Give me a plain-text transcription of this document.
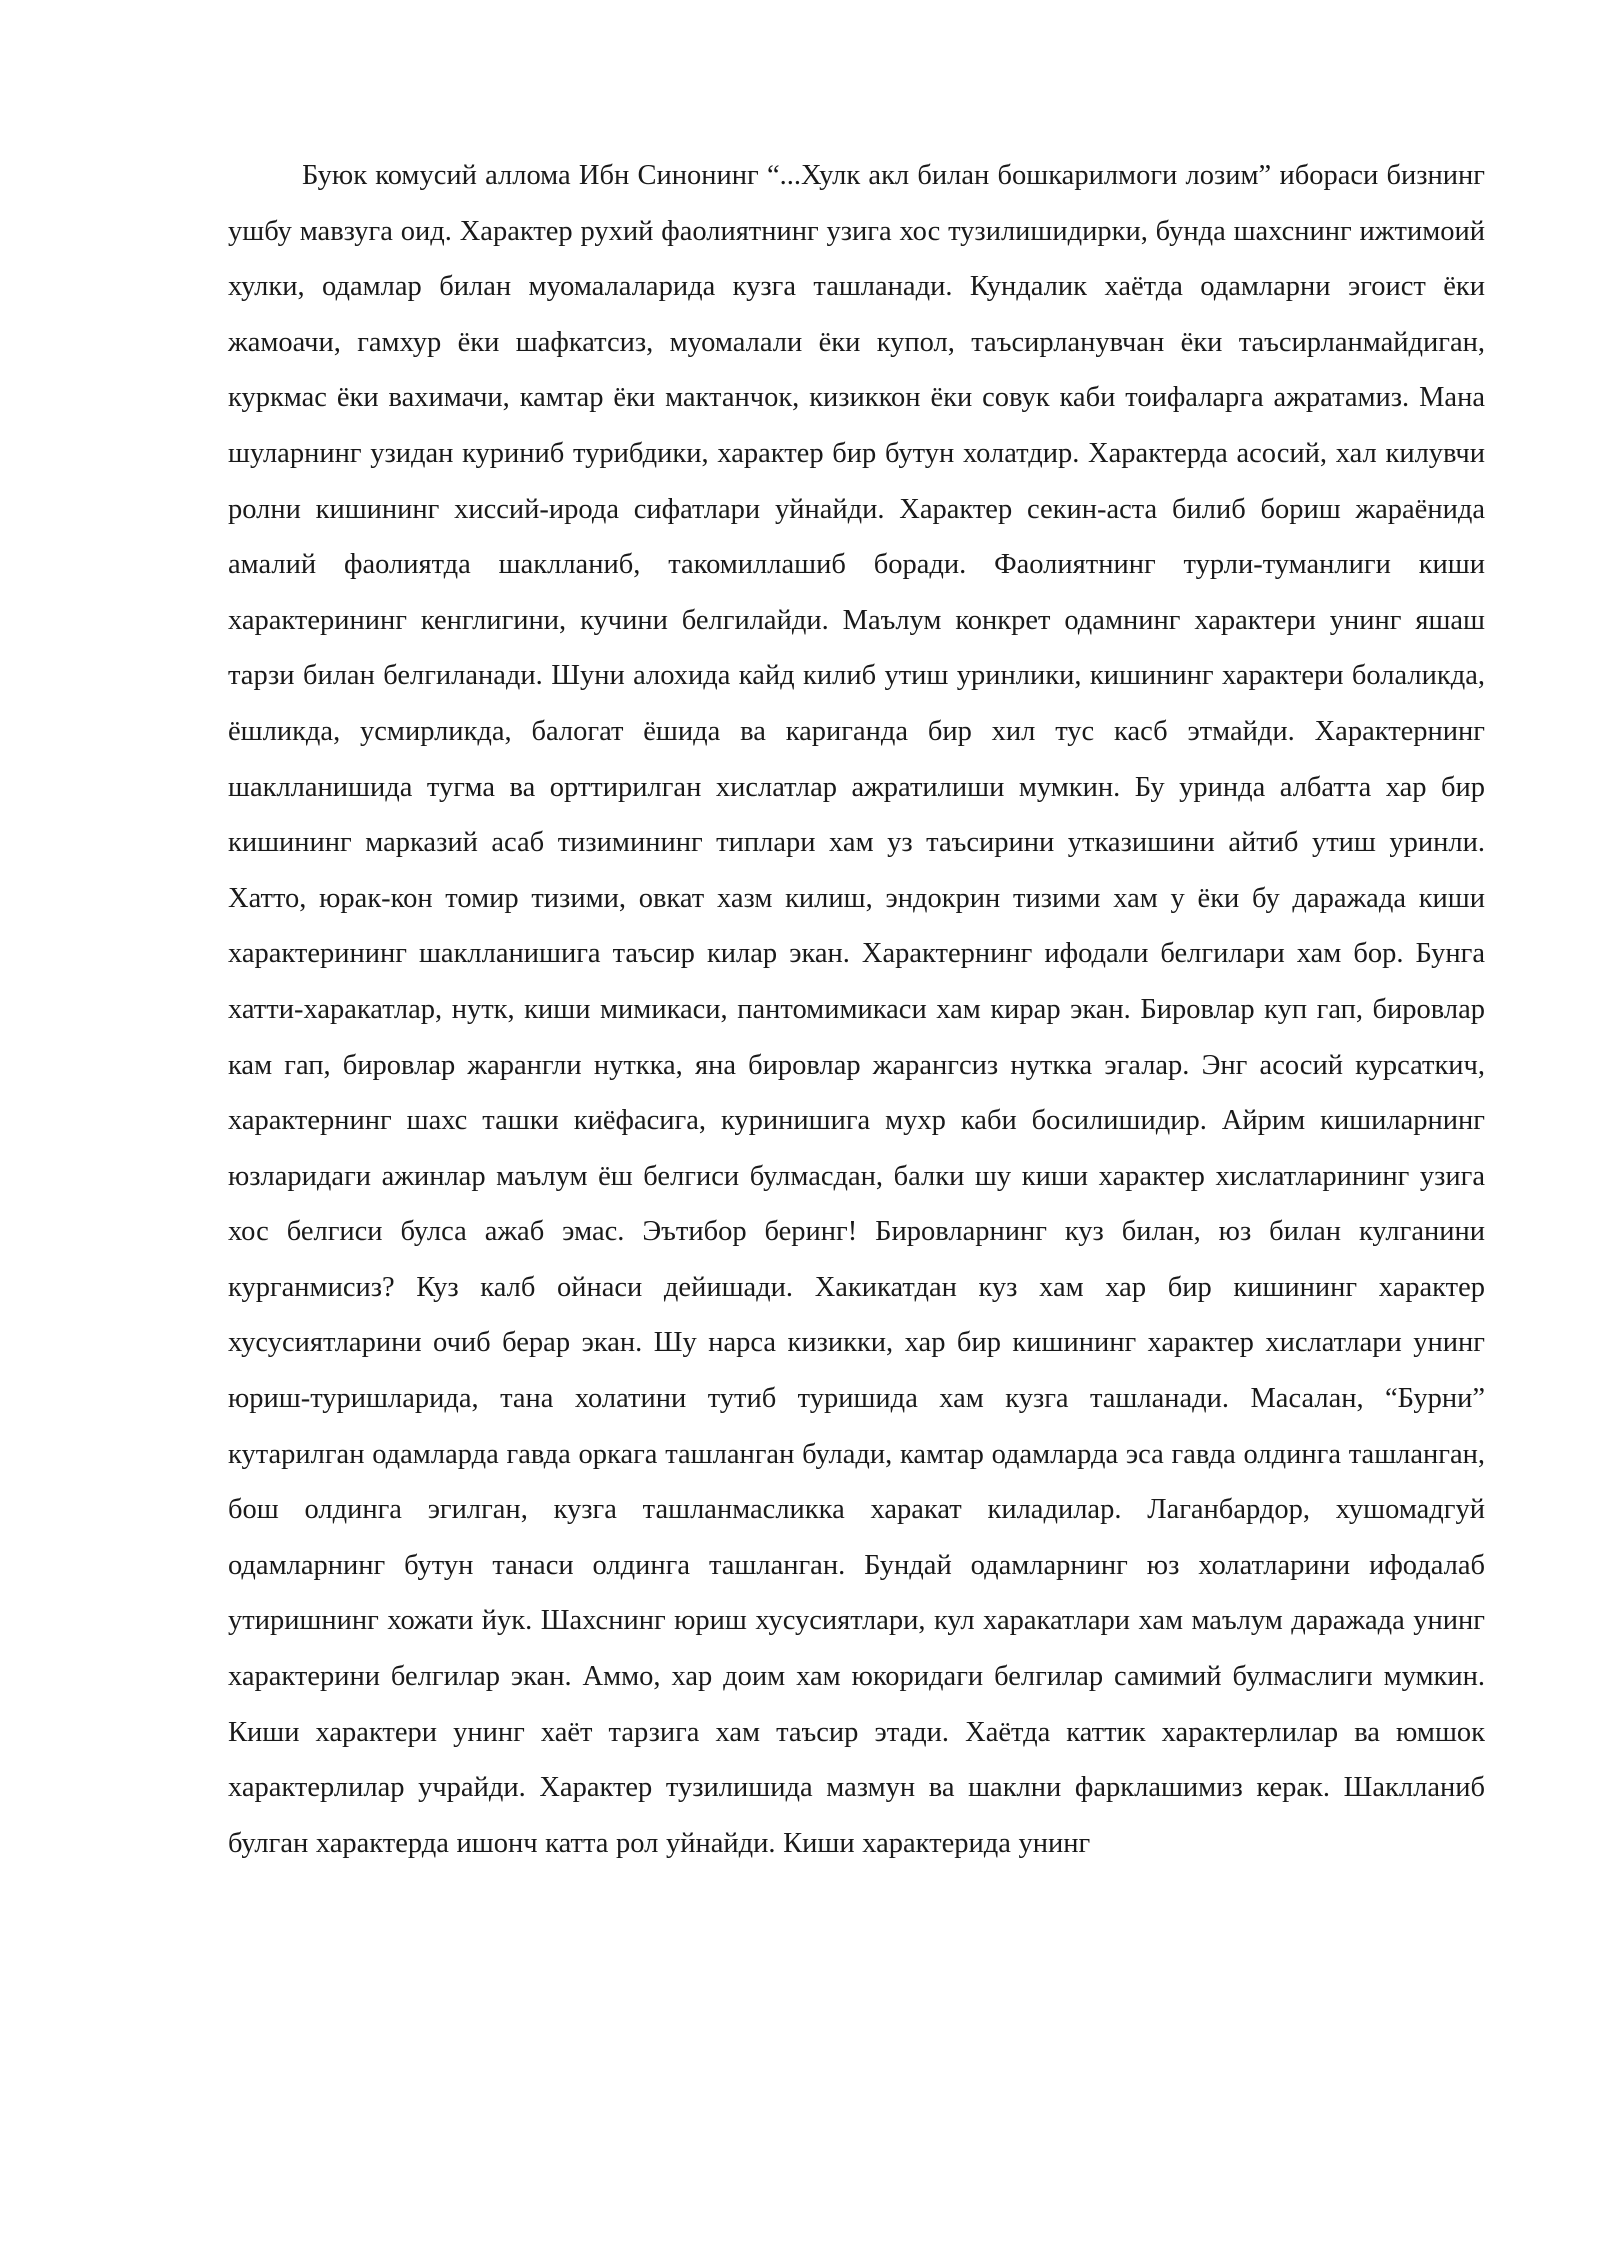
Буюк комусий аллома Ибн Синонинг “...Хулк акл билан бошкарилмоги лозим” ибораси бизнинг ушбу мавзуга оид. Характер рухий фаолиятнинг узига хос тузилишидирки, бунда шахснинг ижтимоий хулки, одамлар билан муомалаларида кузга ташланади. Кундалик хаётда одамларни эгоист ёки жамоачи, гамхур ёки шафкатсиз, муомалали ёки купол, таъсирланувчан ёки таъсирланмайдиган, куркмас ёки вахимачи, камтар ёки мактанчок, кизиккон ёки совук каби тоифаларга ажратамиз. Мана шуларнинг узидан куриниб турибдики, характер бир бутун холатдир. Характерда асосий, хал килувчи ролни кишининг хиссий-ирода сифатлари уйнайди. Характер секин-аста билиб бориш жараёнида амалий фаолиятда шаклланиб, такомиллашиб боради. Фаолиятнинг турли-туманлиги киши характерининг кенглигини, кучини белгилайди. Маълум конкрет одамнинг характери унинг яшаш тарзи билан белгиланади. Шуни алохида кайд килиб утиш уринлики, кишининг характери болаликда, ёшликда, усмирликда, балогат ёшида ва кариганда бир хил тус касб этмайди. Характернинг шаклланишида тугма ва орттирилган хислатлар ажратилиши мумкин. Бу уринда албатта хар бир кишининг марказий асаб тизимининг типлари хам уз таъсирини утказишини айтиб утиш уринли. Хатто, юрак-кон томир тизими, овкат хазм килиш, эндокрин тизими хам у ёки бу даражада киши характерининг шаклланишига таъсир килар экан. Характернинг ифодали белгилари хам бор. Бунга хатти-харакатлар, нутк, киши мимикаси, пантомимикаси хам кирар экан. Бировлар куп гап, бировлар кам гап, бировлар жарангли нуткка, яна бировлар жарангсиз нуткка эгалар. Энг асосий курсаткич, характернинг шахс ташки киёфасига, куринишига мухр каби босилишидир. Айрим кишиларнинг юзларидаги ажинлар маълум ёш белгиси булмасдан, балки шу киши характер хислатларининг узига хос белгиси булса ажаб эмас. Эътибор беринг! Бировларнинг куз билан, юз билан кулганини курганмисиз? Куз калб ойнаси дейишади. Хакикатдан куз хам хар бир кишининг характер хусусиятларини очиб берар экан. Шу нарса кизикки, хар бир кишининг характер хислатлари унинг юриш-туришларида, тана холатини тутиб туришида хам кузга ташланади. Масалан, “Бурни” кутарилган одамларда гавда оркага ташланган булади, камтар одамларда эса гавда олдинга ташланган, бош олдинга эгилган, кузга ташланмасликка харакат киладилар. Лаганбардор, хушомадгуй одамларнинг бутун танаси олдинга ташланган. Бундай одамларнинг юз холатларини ифодалаб утиришнинг хожати йук. Шахснинг юриш хусусиятлари, кул харакатлари хам маълум даражада унинг характерини белгилар экан. Аммо, хар доим хам юкоридаги белгилар самимий булмаслиги мумкин. Киши характери унинг хаёт тарзига хам таъсир этади. Хаётда каттик характерлилар ва юмшок характерлилар учрайди. Характер тузилишида мазмун ва шаклни фарклашимиз керак. Шаклланиб булган характерда ишонч катта рол уйнайди. Киши характерида унинг
